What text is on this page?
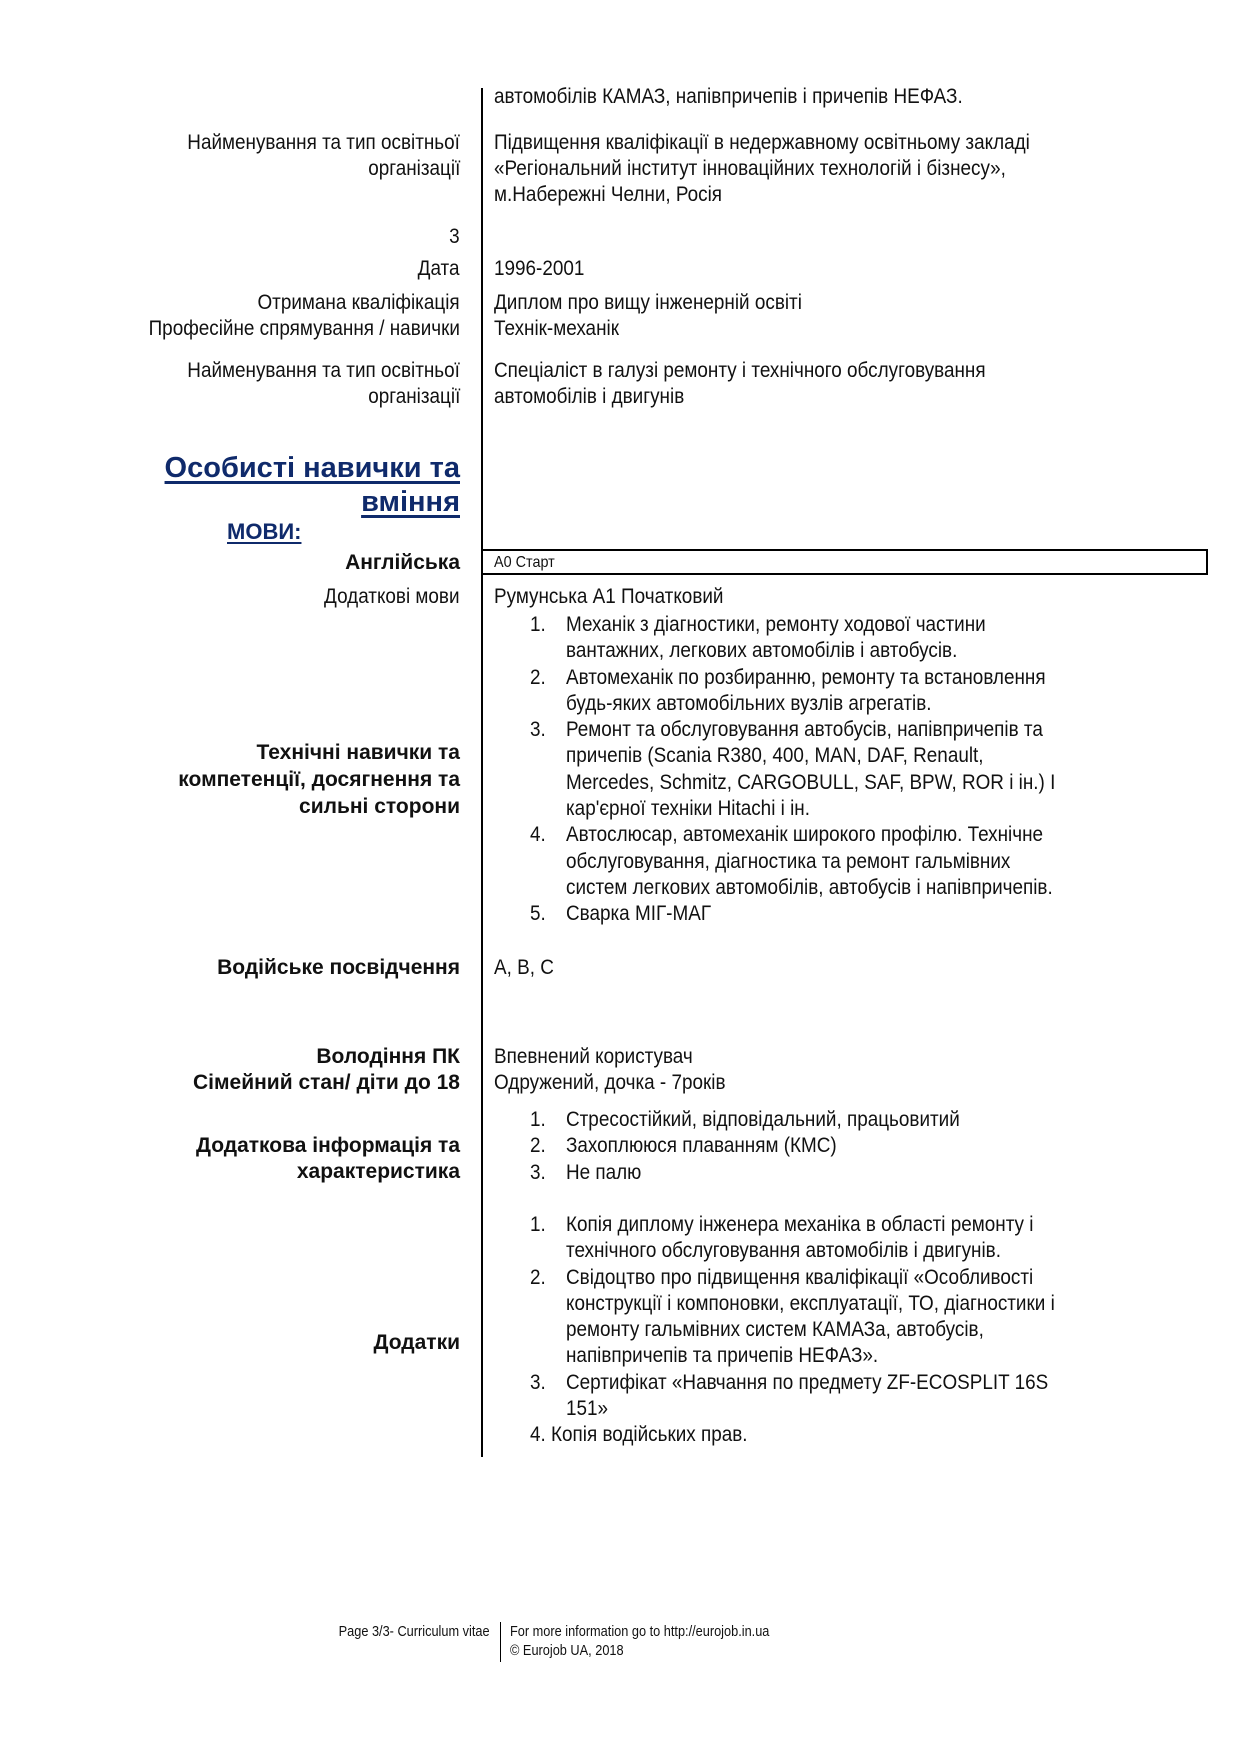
автомобілів КАМАЗ, напівпричепів і причепів НЕФАЗ.
Найменування та тип освітньої
організації
Підвищення кваліфікації в недержавному освітньому закладі
«Регіональний інститут інноваційних технологій і бізнесу»,
м.Набережні Челни, Росія
3
Дата 1996-2001
Отримана кваліфікація Диплом про вищу інженерній освіті
Професійне спрямування / навички Технік-механік
Найменування та тип освітньої
організації
Спеціаліст в галузі ремонту і технічного обслуговування
автомобілів і двигунів
Особисті навички та
вміння
МОВИ:
Англійська А0 Старт
Додаткові мови Румунська А1 Початковий
Технічні навички та
компетенції, досягнення та
сильні сторони
1. Механік з діагностики, ремонту ходової частини
вантажних, легкових автомобілів і автобусів.
2. Автомеханік по розбиранню, ремонту та встановлення
будь-яких автомобільних вузлів агрегатів.
3. Ремонт та обслуговування автобусів, напівпричепів та
причепів (Scania R380, 400, MAN, DAF, Renault,
Mercedes, Schmitz, CARGOBULL, SAF, BPW, ROR і ін.) І
кар'єрної техніки Hitachi і ін.
4. Автослюсар, автомеханік широкого профілю. Технічне
обслуговування, діагностика та ремонт гальмівних
систем легкових автомобілів, автобусів і напівпричепів.
5. Сварка МІГ-МАГ
Водійське посвідчення A, B, C
Володіння ПК Впевнений користувач
Сімейний стан/ діти до 18 Одружений, дочка - 7років
Додаткова інформація та
характеристика
1. Стресостійкий, відповідальний, працьовитий
2. Захоплююся плаванням (КМС)
3. Не палю
Додатки
1. Копія диплому інженера механіка в області ремонту і
технічного обслуговування автомобілів і двигунів.
2. Свідоцтво про підвищення кваліфікації «Особливості
конструкції і компоновки, експлуатації, ТО, діагностики і
ремонту гальмівних систем КАМАЗа, автобусів,
напівпричепів та причепів НЕФАЗ».
3. Сертифікат «Навчання по предмету ZF-ECOSPLIT 16S
151»
4. Копія водійських прав.
Page 3/3- Curriculum vitae For more information go to http://eurojob.in.ua
© Eurojob UA, 2018
